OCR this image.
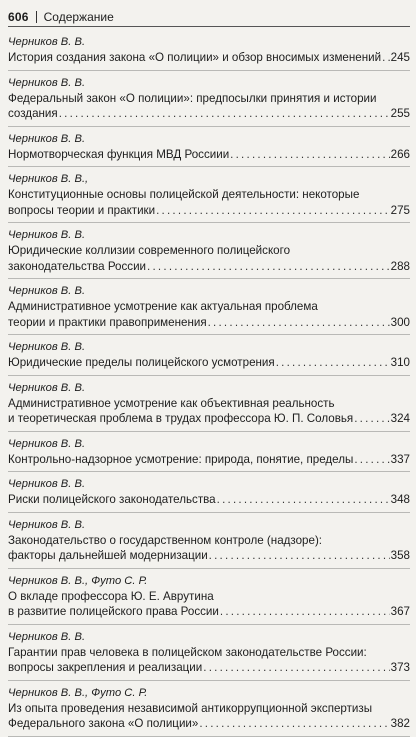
606 Содержание
Черников В. В.
История создания закона «О полиции» и обзор вносимых изменений . . . 245
Черников В. В.
Федеральный закон «О полиции»: предпосылки принятия и истории
создания . . .	255
Черников В. В.
Нормотворческая функция МВД Россиии . . .	266
Черников В. В.,
Конституционные основы полицейской деятельности: некоторые
вопросы теории и практики . . .	275
Черников В. В.
Юридические коллизии современного полицейского
законодательства России . . .	288
Черников В. В.
Административное усмотрение как актуальная проблема
теории и практики правоприменения . . .	300
Черников В. В.
Юридические пределы полицейского усмотрения . . .	310
Черников В. В.
Административное усмотрение как объективная реальность
и теоретическая проблема в трудах профессора Ю. П. Соловья . . .	324
Черников В. В.
Контрольно-надзорное усмотрение: природа, понятие, пределы . . .	337
Черников В. В.
Риски полицейского законодательства . . .	348
Черников В. В.
Законодательство о государственном контроле (надзоре):
факторы дальнейшей модернизации . . .	358
Черников В. В., Футо С. Р.
О вкладе профессора Ю. Е. Аврутина
в развитие полицейского права России . . .	367
Черников В. В.
Гарантии прав человека в полицейском законодательстве России:
вопросы закрепления и реализации . . .	373
Черников В. В., Футо С. Р.
Из опыта проведения независимой антикоррупционной экспертизы
Федерального закона «О полиции» . . .	382
